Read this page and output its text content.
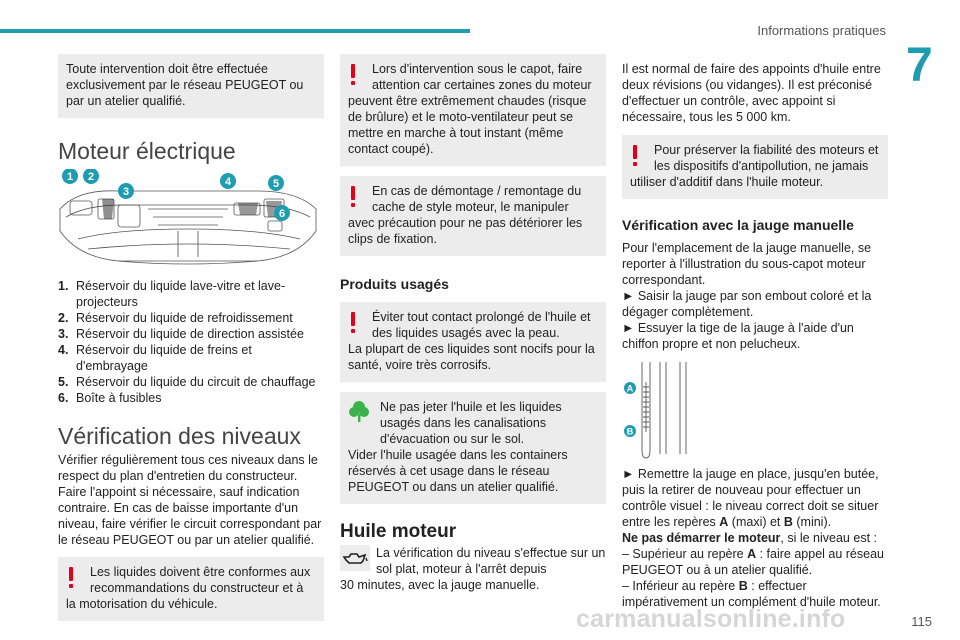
Informations pratiques
7

Toute intervention doit être effectuée exclusivement par le réseau PEUGEOT ou par un atelier qualifié.

Moteur électrique
1 2
3
4	5
6
1. Réservoir du liquide lave-vitre et lave-projecteurs
2. Réservoir du liquide de refroidissement
3. Réservoir du liquide de direction assistée
4. Réservoir du liquide de freins et d'embrayage
5. Réservoir du liquide du circuit de chauffage
6. Boîte à fusibles
Vérification des niveaux

Vérifier régulièrement tous ces niveaux dans le respect du plan d'entretien du constructeur. Faire l'appoint si nécessaire, sauf indication contraire. En cas de baisse importante d'un niveau, faire vérifier le circuit correspondant par le réseau PEUGEOT ou par un atelier qualifié.

Les liquides doivent être conformes aux
recommandations du constructeur et à la motorisation du véhicule.
Lors d'intervention sous le capot, faire
attention car certaines zones du moteur peuvent être extrêmement chaudes (risque de brûlure) et le moto-ventilateur peut se mettre en marche à tout instant (même contact coupé).
En cas de démontage / remontage du
cache de style moteur, le manipuler avec précaution pour ne pas détériorer les clips de fixation.
Produits usagés
Éviter tout contact prolongé de l'huile et
des liquides usagés avec la peau.
La plupart de ces liquides sont nocifs pour la santé, voire très corrosifs.
Ne pas jeter l'huile et les liquides
usagés dans les canalisations d'évacuation ou sur le sol.
Vider l'huile usagée dans les containers réservés à cet usage dans le réseau PEUGEOT ou dans un atelier qualifié.
Huile moteur
La vérification du niveau s'effectue sur un
sol plat, moteur à l'arrêt depuis
30 minutes, avec la jauge manuelle.

Il est normal de faire des appoints d'huile entre deux révisions (ou vidanges). Il est préconisé d'effectuer un contrôle, avec appoint si nécessaire, tous les 5 000 km.

Pour préserver la fiabilité des moteurs et
les dispositifs d'antipollution, ne jamais utiliser d'additif dans l'huile moteur.
Vérification avec la jauge manuelle

Pour l'emplacement de la jauge manuelle, se reporter à l'illustration du sous-capot moteur correspondant.

► Saisir la jauge par son embout coloré et la dégager complètement.

► Essuyer la tige de la jauge à l'aide d'un chiffon propre et non pelucheux.

A
B

► Remettre la jauge en place, jusqu'en butée, puis la retirer de nouveau pour effectuer un contrôle visuel : le niveau correct doit se situer entre les repères A (maxi) et B (mini).

Ne pas démarrer le moteur, si le niveau est :

– Supérieur au repère A : faire appel au réseau PEUGEOT ou à un atelier qualifié.

– Inférieur au repère B : effectuer impérativement un complément d'huile moteur.

carmanualsonline.info	115
